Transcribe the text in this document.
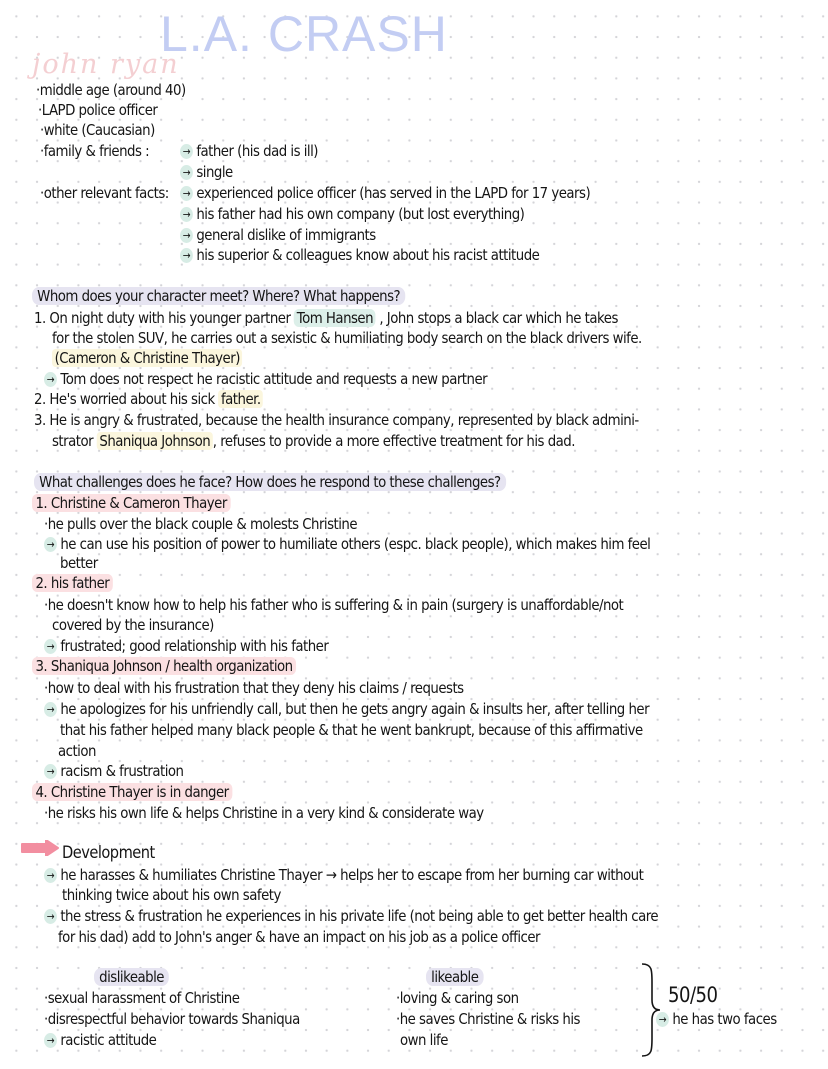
L.A. CRASH
john ryan
·middle age (around 40)
·LAPD police officer
·white (Caucasian)
·family & friends :	→ father (his dad is ill)
→ single
·other relevant facts: → experienced police officer (has served in the LAPD for 17 years)
→ his father had his own company (but lost everything)
→ general dislike of immigrants
→ his superior & colleagues know about his racist attitude
Whom does your character meet? Where? What happens?
1. On night duty with his younger partner Tom Hansen , John stops a black car which he takes
for the stolen SUV, he carries out a sexistic & humiliating body search on the black drivers wife.
(Cameron & Christine Thayer)
→ Tom does not respect he racistic attitude and requests a new partner
2. He's worried about his sick father.
3. He is angry & frustrated, because the health insurance company, represented by black admini-
strator Shaniqua Johnson , refuses to provide a more effective treatment for his dad.
What challenges does he face? How does he respond to these challenges?
1. Christine & Cameron Thayer
·he pulls over the black couple & molests Christine
→ he can use his position of power to humiliate others (espc. black people), which makes him feel
better
2. his father
·he doesn't know how to help his father who is suffering & in pain (surgery is unaffordable/not
covered by the insurance)
→ frustrated; good relationship with his father
3. Shaniqua Johnson / health organization
·how to deal with his frustration that they deny his claims / requests
→ he apologizes for his unfriendly call, but then he gets angry again & insults her, after telling her
that his father helped many black people & that he went bankrupt, because of this affirmative
action
→ racism & frustration
4. Christine Thayer is in danger
·he risks his own life & helps Christine in a very kind & considerate way
Development
→ he harasses & humiliates Christine Thayer → helps her to escape from her burning car without
thinking twice about his own safety
→ the stress & frustration he experiences in his private life (not being able to get better health care
for his dad) add to John's anger & have an impact on his job as a police officer
dislikeable
·sexual harassment of Christine
·disrespectful behavior towards Shaniqua
→ racistic attitude
likeable
·loving & caring son
·he saves Christine & risks his
own life
50/50
→ he has two faces
